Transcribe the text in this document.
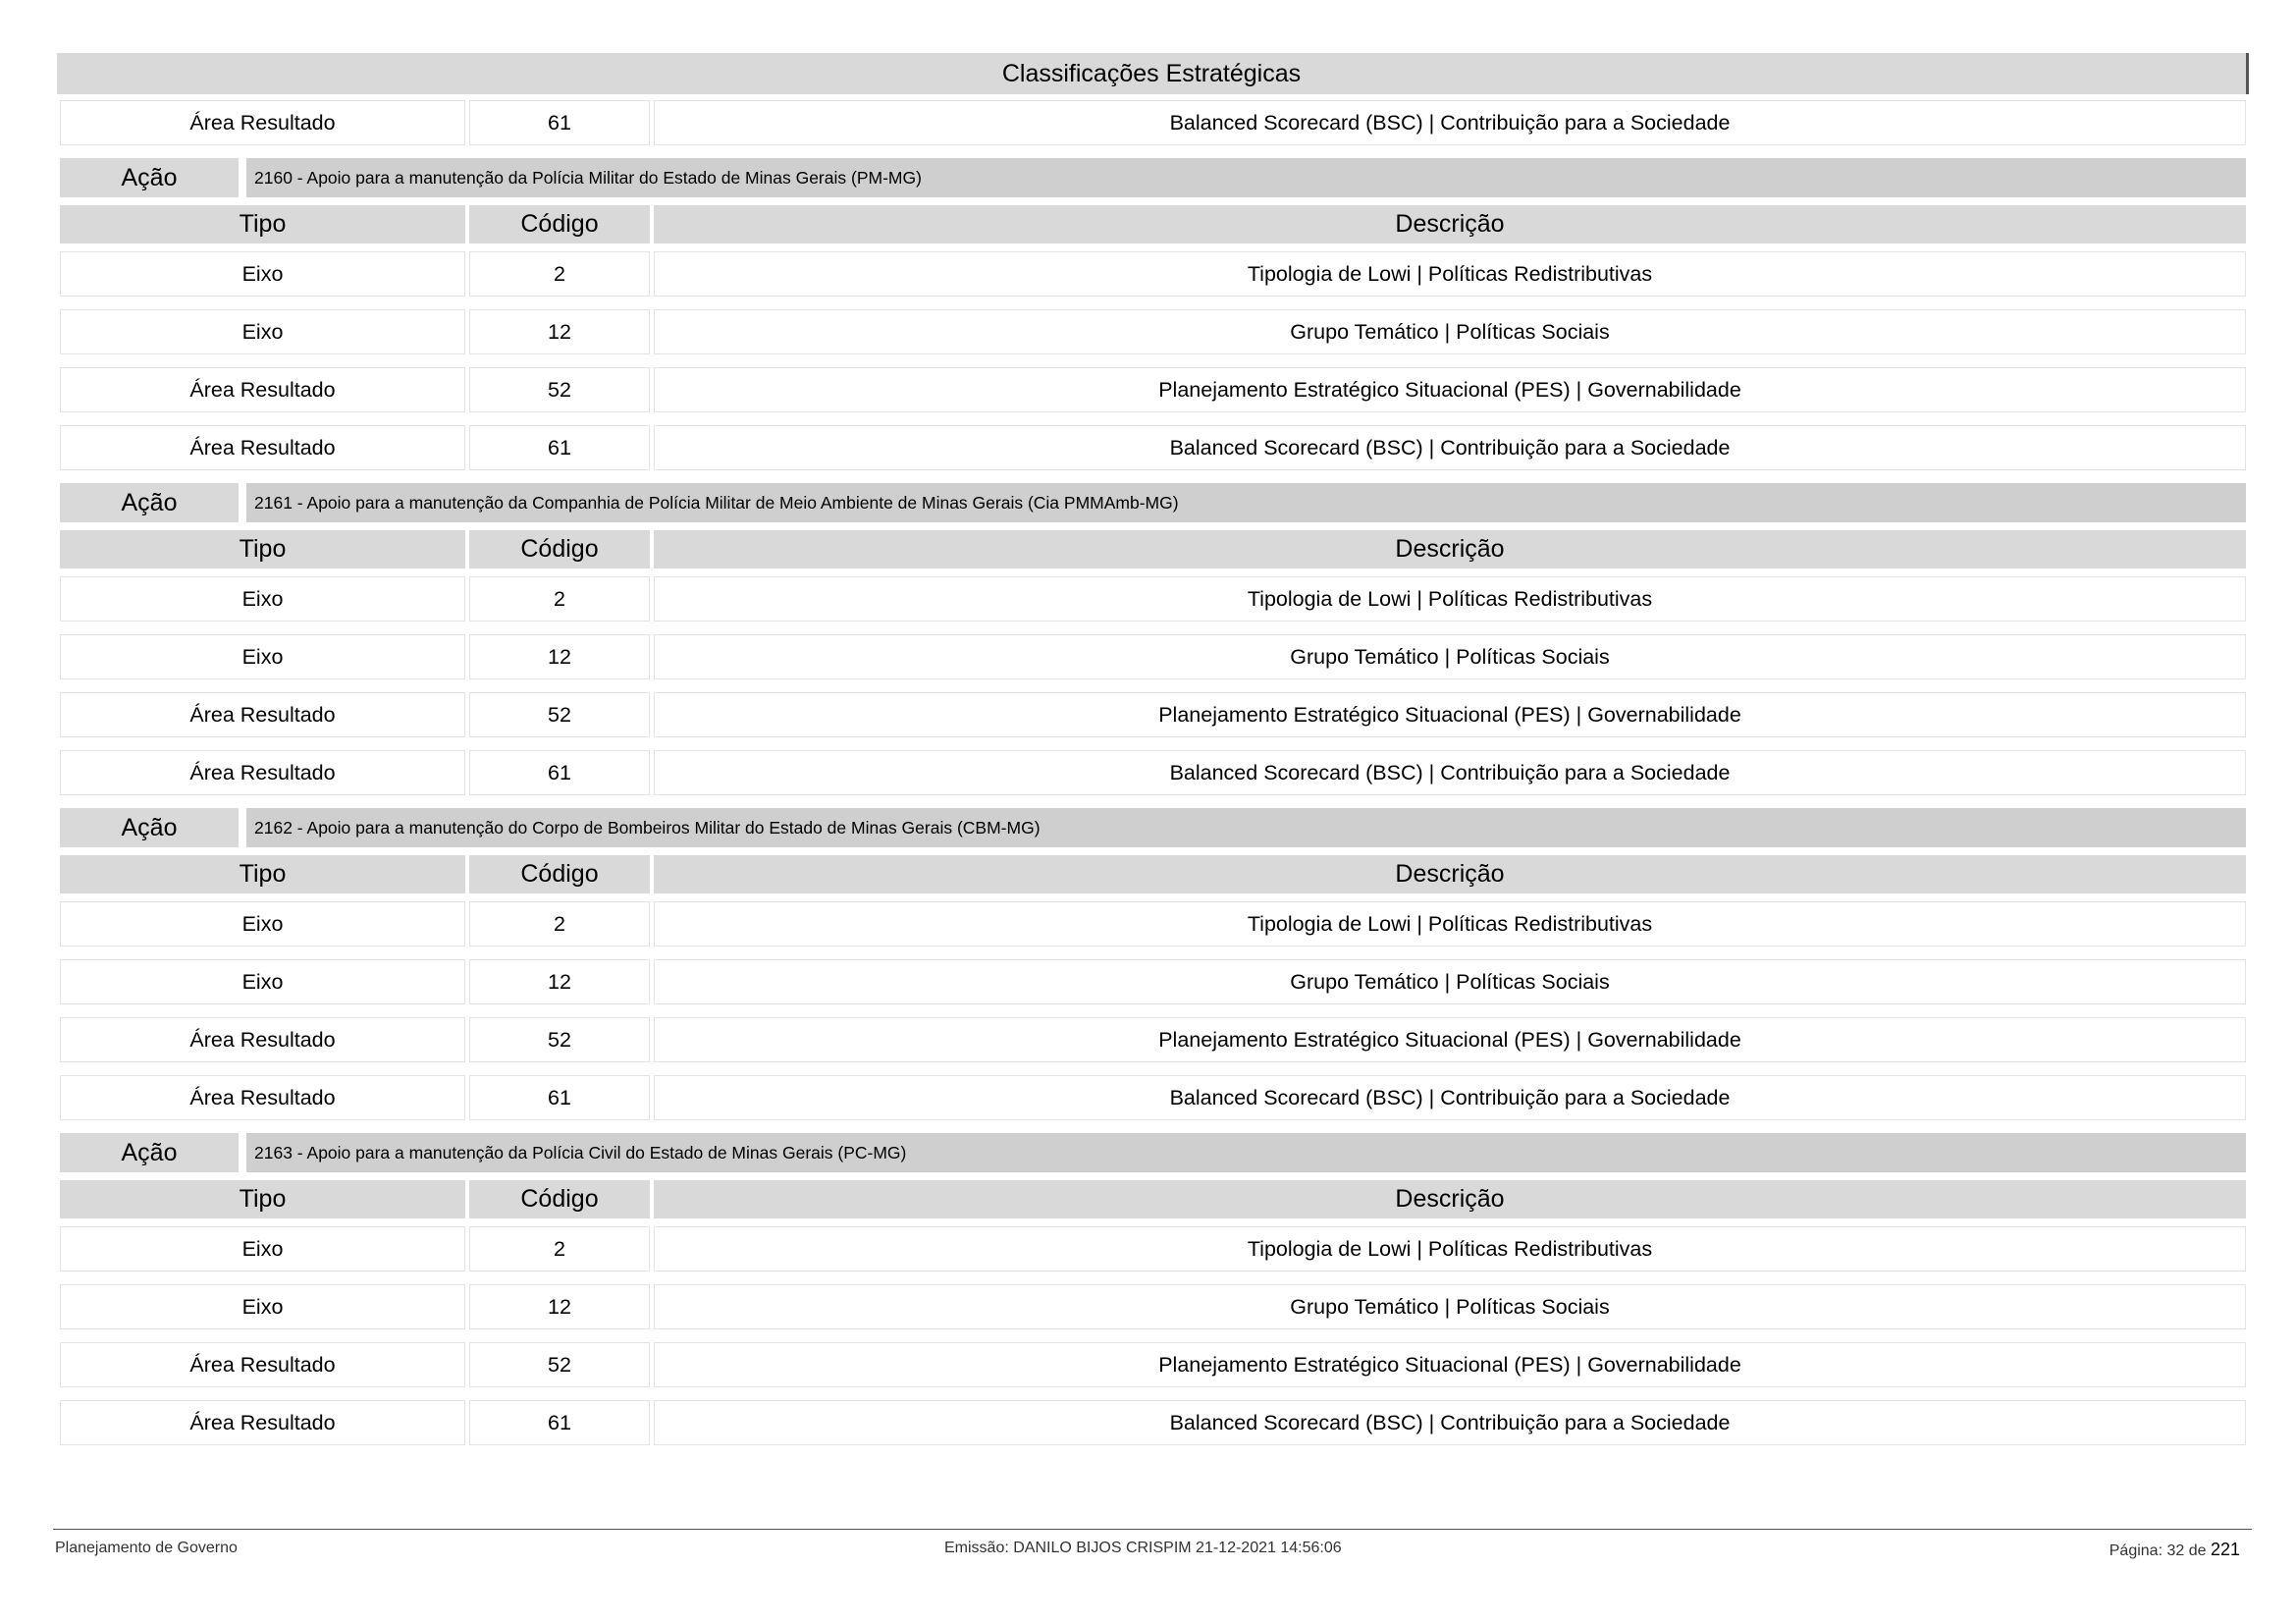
Classificações Estratégicas
Área Resultado	61	Balanced Scorecard (BSC) | Contribuição para a Sociedade
Ação	2160 - Apoio para a manutenção da Polícia Militar do Estado de Minas Gerais (PM-MG)
Tipo	Código	Descrição
Eixo	2	Tipologia de Lowi | Políticas Redistributivas
Eixo	12	Grupo Temático | Políticas Sociais
Área Resultado	52	Planejamento Estratégico Situacional (PES) | Governabilidade
Área Resultado	61	Balanced Scorecard (BSC) | Contribuição para a Sociedade
Ação	2161 - Apoio para a manutenção da Companhia de Polícia Militar de Meio Ambiente de Minas Gerais (Cia PMMAmb-MG)
Tipo	Código	Descrição
Eixo	2	Tipologia de Lowi | Políticas Redistributivas
Eixo	12	Grupo Temático | Políticas Sociais
Área Resultado	52	Planejamento Estratégico Situacional (PES) | Governabilidade
Área Resultado	61	Balanced Scorecard (BSC) | Contribuição para a Sociedade
Ação	2162 - Apoio para a manutenção do Corpo de Bombeiros Militar do Estado de Minas Gerais (CBM-MG)
Tipo	Código	Descrição
Eixo	2	Tipologia de Lowi | Políticas Redistributivas
Eixo	12	Grupo Temático | Políticas Sociais
Área Resultado	52	Planejamento Estratégico Situacional (PES) | Governabilidade
Área Resultado	61	Balanced Scorecard (BSC) | Contribuição para a Sociedade
Ação	2163 - Apoio para a manutenção da Polícia Civil do Estado de Minas Gerais (PC-MG)
Tipo	Código	Descrição
Eixo	2	Tipologia de Lowi | Políticas Redistributivas
Eixo	12	Grupo Temático | Políticas Sociais
Área Resultado	52	Planejamento Estratégico Situacional (PES) | Governabilidade
Área Resultado	61	Balanced Scorecard (BSC) | Contribuição para a Sociedade
Planejamento de Governo	Emissão: DANILO BIJOS CRISPIM 21-12-2021 14:56:06	Página: 32 de 221
